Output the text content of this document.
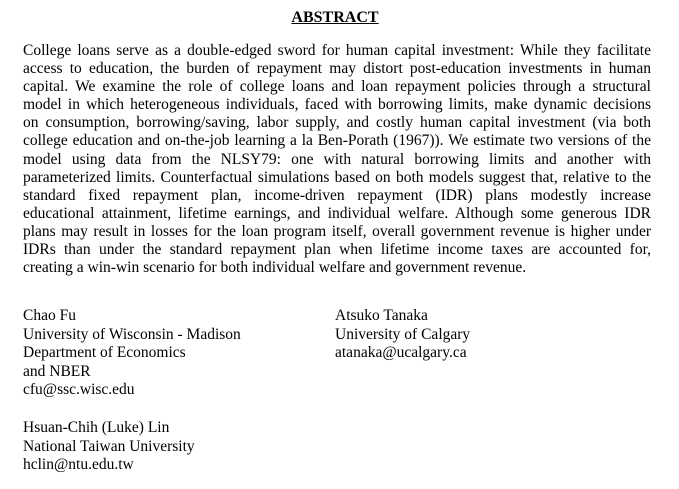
ABSTRACT
College loans serve as a double-edged sword for human capital investment: While they facilitate
access to education, the burden of repayment may distort post-education investments in human
capital. We examine the role of college loans and loan repayment policies through a structural
model in which heterogeneous individuals, faced with borrowing limits, make dynamic decisions
on consumption, borrowing/saving, labor supply, and costly human capital investment (via both
college education and on-the-job learning a la Ben-Porath (1967)). We estimate two versions of the
model using data from the NLSY79: one with natural borrowing limits and another with
parameterized limits. Counterfactual simulations based on both models suggest that, relative to the
standard fixed repayment plan, income-driven repayment (IDR) plans modestly increase
educational attainment, lifetime earnings, and individual welfare. Although some generous IDR
plans may result in losses for the loan program itself, overall government revenue is higher under
IDRs than under the standard repayment plan when lifetime income taxes are accounted for,
creating a win-win scenario for both individual welfare and government revenue.
Chao Fu
University of Wisconsin - Madison
Department of Economics
and NBER
cfu@ssc.wisc.edu
Atsuko Tanaka
University of Calgary
atanaka@ucalgary.ca
Hsuan-Chih (Luke) Lin
National Taiwan University
hclin@ntu.edu.tw
